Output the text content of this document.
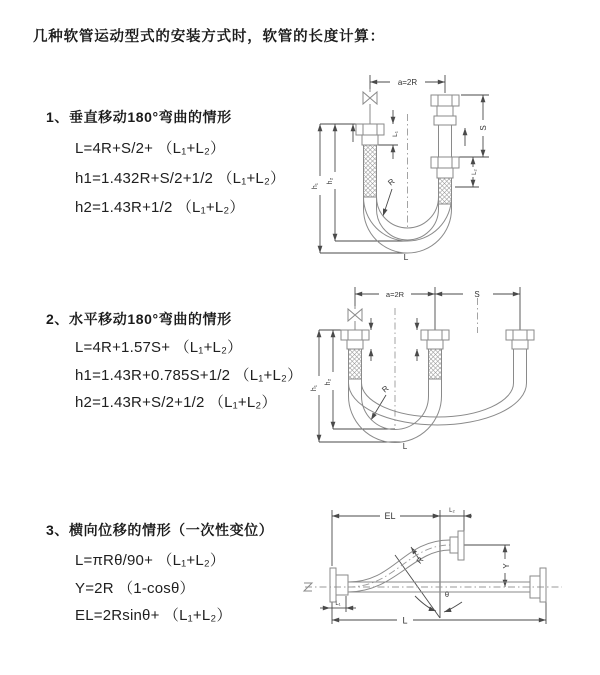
几种软管运动型式的安装方式时，软管的长度计算：
1、垂直移动180°弯曲的情形
L=4R+S/2+ （L₁+L₂）
h1=1.432R+S/2+1/2 （L₁+L₂）
h2=1.43R+1/2 （L₁+L₂）
2、水平移动180°弯曲的情形
L=4R+1.57S+ （L₁+L₂）
h1=1.43R+0.785S+1/2 （L₁+L₂）
h2=1.43R+S/2+1/2 （L₁+L₂）
3、横向位移的情形（一次性变位）
L=πRθ/90+ （L₁+L₂）
Y=2R （1-cosθ）
EL=2Rsinθ+ （L₁+L₂）
a=2R
L₁
S
L₂
h₁
h₂	R
L
a=2R	S
h₁
h₂
R
L
EL	L₂
Y
L
L₁
R
θ
